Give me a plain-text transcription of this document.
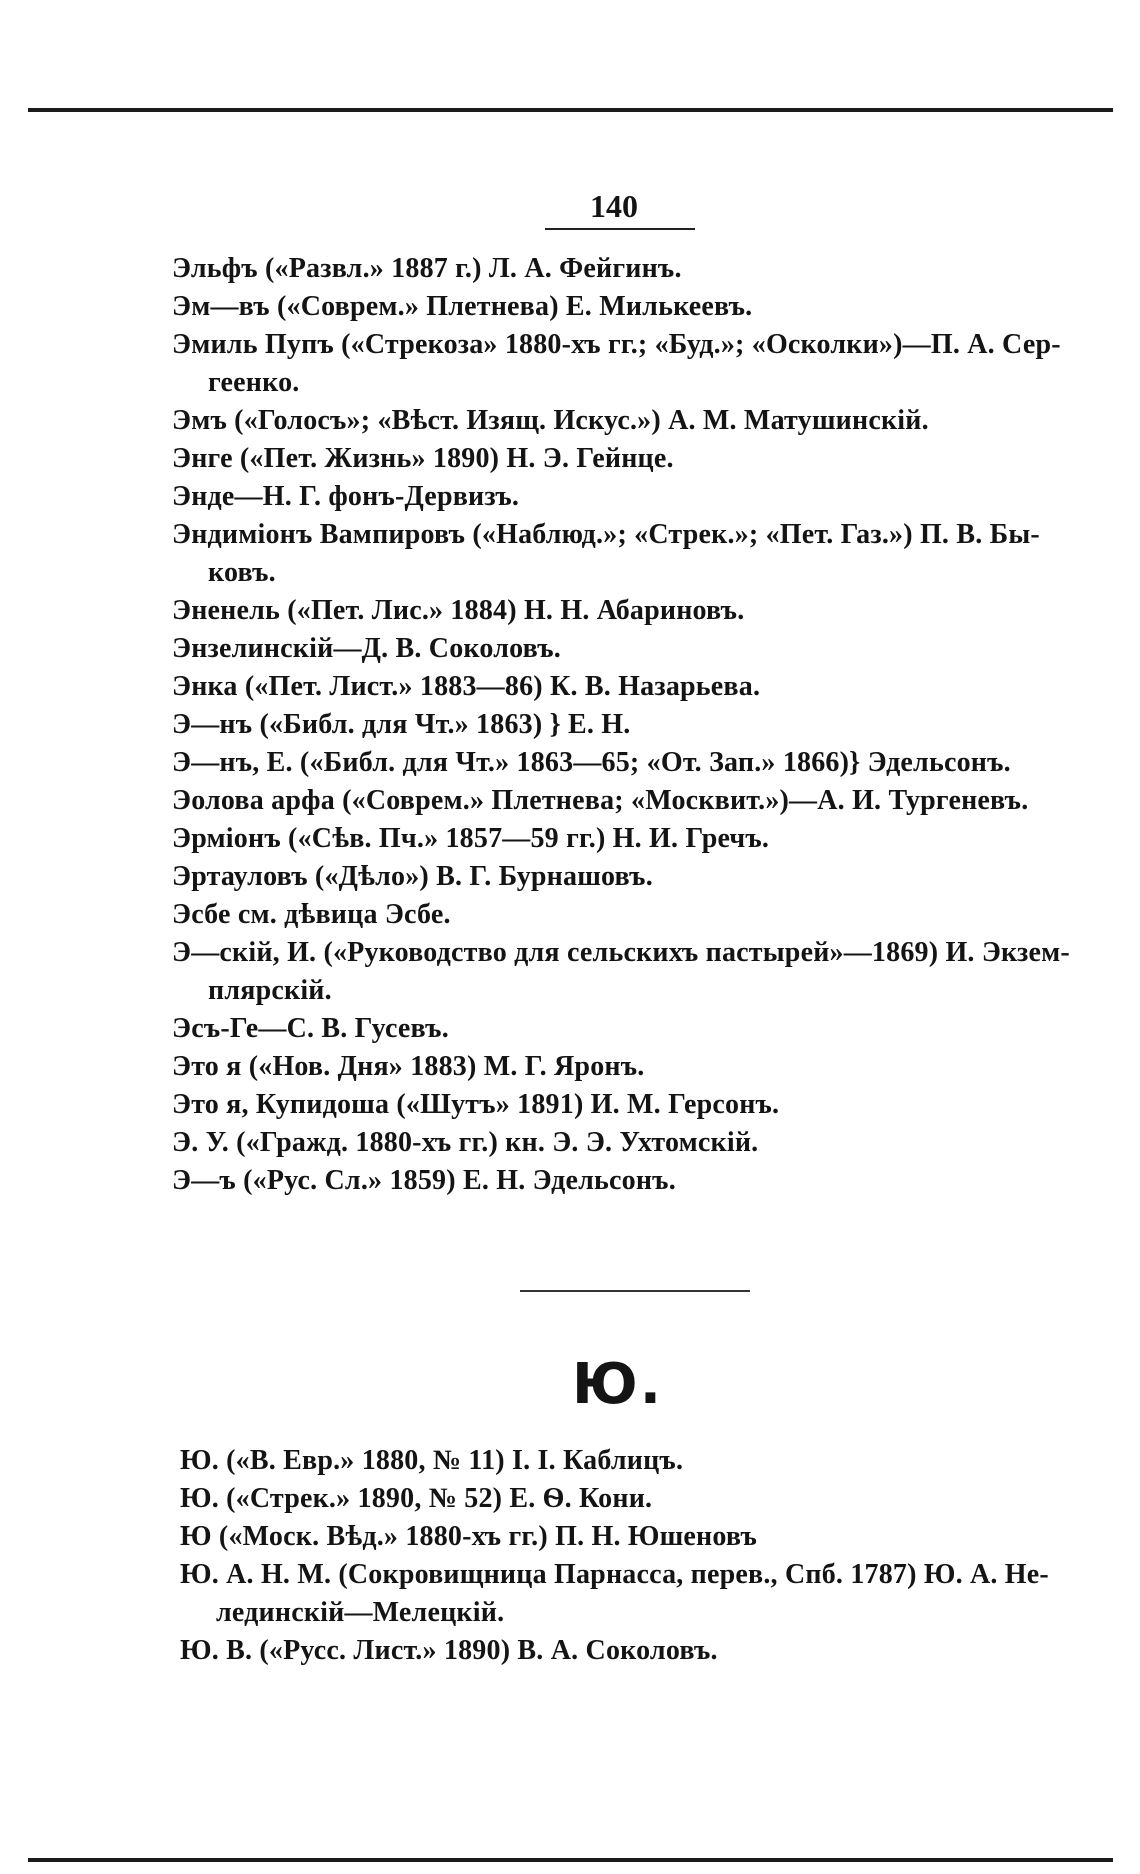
140
Эльфъ («Развл.» 1887 г.) Л. А. Фейгинъ.
Эм—въ («Соврем.» Плетнева) Е. Милькеевъ.
Эмиль Пупъ («Стрекоза» 1880-хъ гг.; «Буд.»; «Осколки»)—П. А. Сер-
геенко.
Эмъ («Голосъ»; «Вѣст. Изящ. Искус.») А. М. Матушинскій.
Энге («Пет. Жизнь» 1890) Н. Э. Гейнце.
Энде—Н. Г. фонъ-Дервизъ.
Эндиміонъ Вампировъ («Наблюд.»; «Стрек.»; «Пет. Газ.») П. В. Бы-
ковъ.
Эненель («Пет. Лис.» 1884) Н. Н. Абариновъ.
Энзелинскій—Д. В. Соколовъ.
Энка («Пет. Лист.» 1883—86) К. В. Назарьева.
Э—нъ («Библ. для Чт.» 1863) } Е. Н.
Э—нъ, Е. («Библ. для Чт.» 1863—65; «От. Зап.» 1866)} Эдельсонъ.
Эолова арфа («Соврем.» Плетнева; «Москвит.»)—А. И. Тургеневъ.
Эрміонъ («Сѣв. Пч.» 1857—59 гг.) Н. И. Гречъ.
Эртауловъ («Дѣло») В. Г. Бурнашовъ.
Эсбе см. дѣвица Эсбе.
Э—скій, И. («Руководство для сельскихъ пастырей»—1869) И. Экзем-
плярскій.
Эсъ-Ге—С. В. Гусевъ.
Это я («Нов. Дня» 1883) М. Г. Яронъ.
Это я, Купидоша («Шутъ» 1891) И. М. Герсонъ.
Э. У. («Гражд. 1880-хъ гг.) кн. Э. Э. Ухтомскій.
Э—ъ («Рус. Сл.» 1859) Е. Н. Эдельсонъ.
Ю.
Ю. («В. Евр.» 1880, № 11) I. I. Каблицъ.
Ю. («Стрек.» 1890, № 52) Е. Ѳ. Кони.
Ю («Моск. Вѣд.» 1880-хъ гг.) П. Н. Юшеновъ
Ю. А. Н. М. (Сокровищница Парнасса, перев., Спб. 1787) Ю. А. Не-
лединскій—Мелецкій.
Ю. В. («Русс. Лист.» 1890) В. А. Соколовъ.
